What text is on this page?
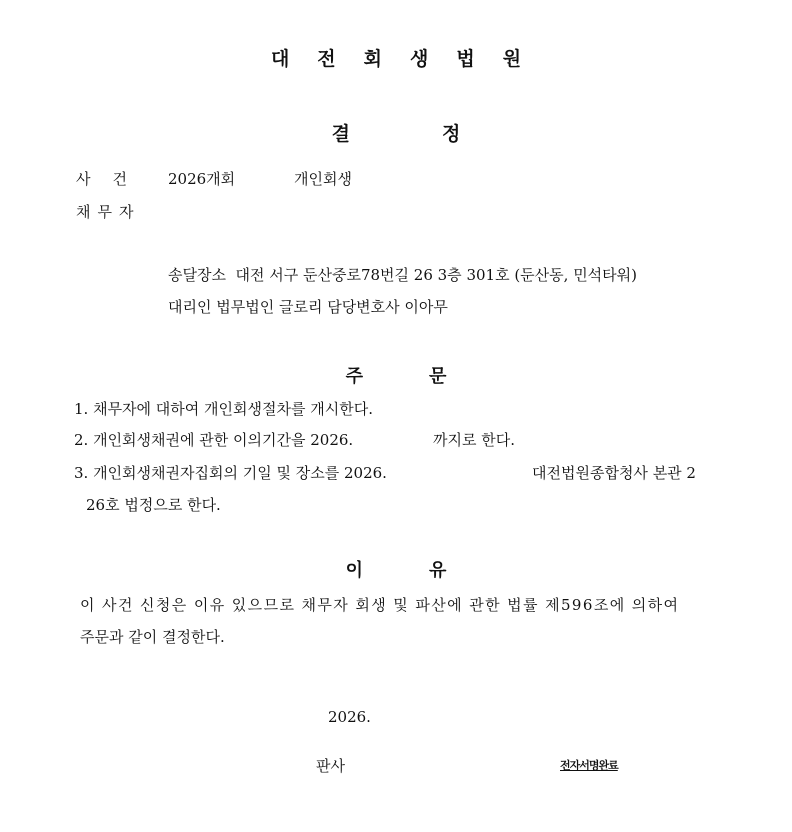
대전회생법원
결정
사건 2026개회	개인회생
채무자
송달장소  대전 서구 둔산중로78번길 26 3층 301호 (둔산동, 민석타워)
대리인 법무법인 글로리 담당변호사 이아무
주문
1. 채무자에 대하여 개인회생절차를 개시한다.
2. 개인회생채권에 관한 이의기간을 2026.	까지로 한다.
3. 개인회생채권자집회의 기일 및 장소를 2026.	대전법원종합청사 본관 2
26호 법정으로 한다.
이유
이 사건 신청은 이유 있으므로 채무자 회생 및 파산에 관한 법률 제596조에 의하여
주문과 같이 결정한다.
2026.
판사	전자서명완료
